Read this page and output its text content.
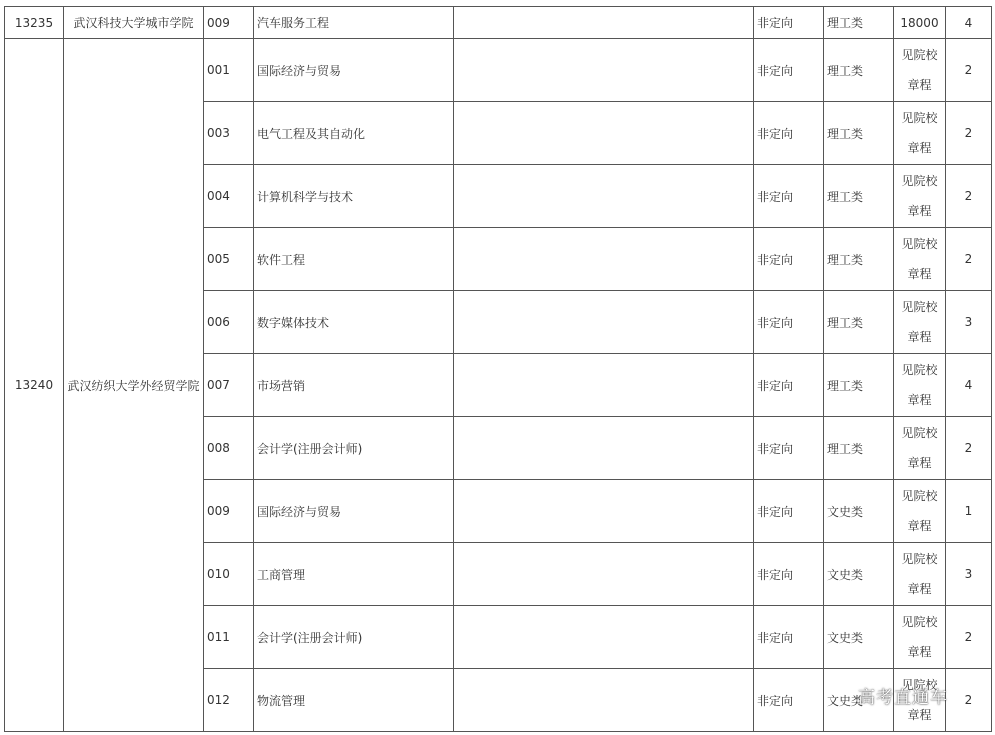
13235	武汉科技大学城市学院	009	汽车服务工程		非定向	理工类	18000	4
13240	武汉纺织大学外经贸学院	001	国际经济与贸易		非定向	理工类	见院校
章程	2
		003	电气工程及其自动化		非定向	理工类	见院校
章程	2
		004	计算机科学与技术		非定向	理工类	见院校
章程	2
		005	软件工程		非定向	理工类	见院校
章程	2
		006	数字媒体技术		非定向	理工类	见院校
章程	3
		007	市场营销		非定向	理工类	见院校
章程	4
		008	会计学(注册会计师)		非定向	理工类	见院校
章程	2
		009	国际经济与贸易		非定向	文史类	见院校
章程	1
		010	工商管理		非定向	文史类	见院校
章程	3
		011	会计学(注册会计师)		非定向	文史类	见院校
章程	2
		012	物流管理		非定向	文史类	见院校
章程	2
高考直通车
